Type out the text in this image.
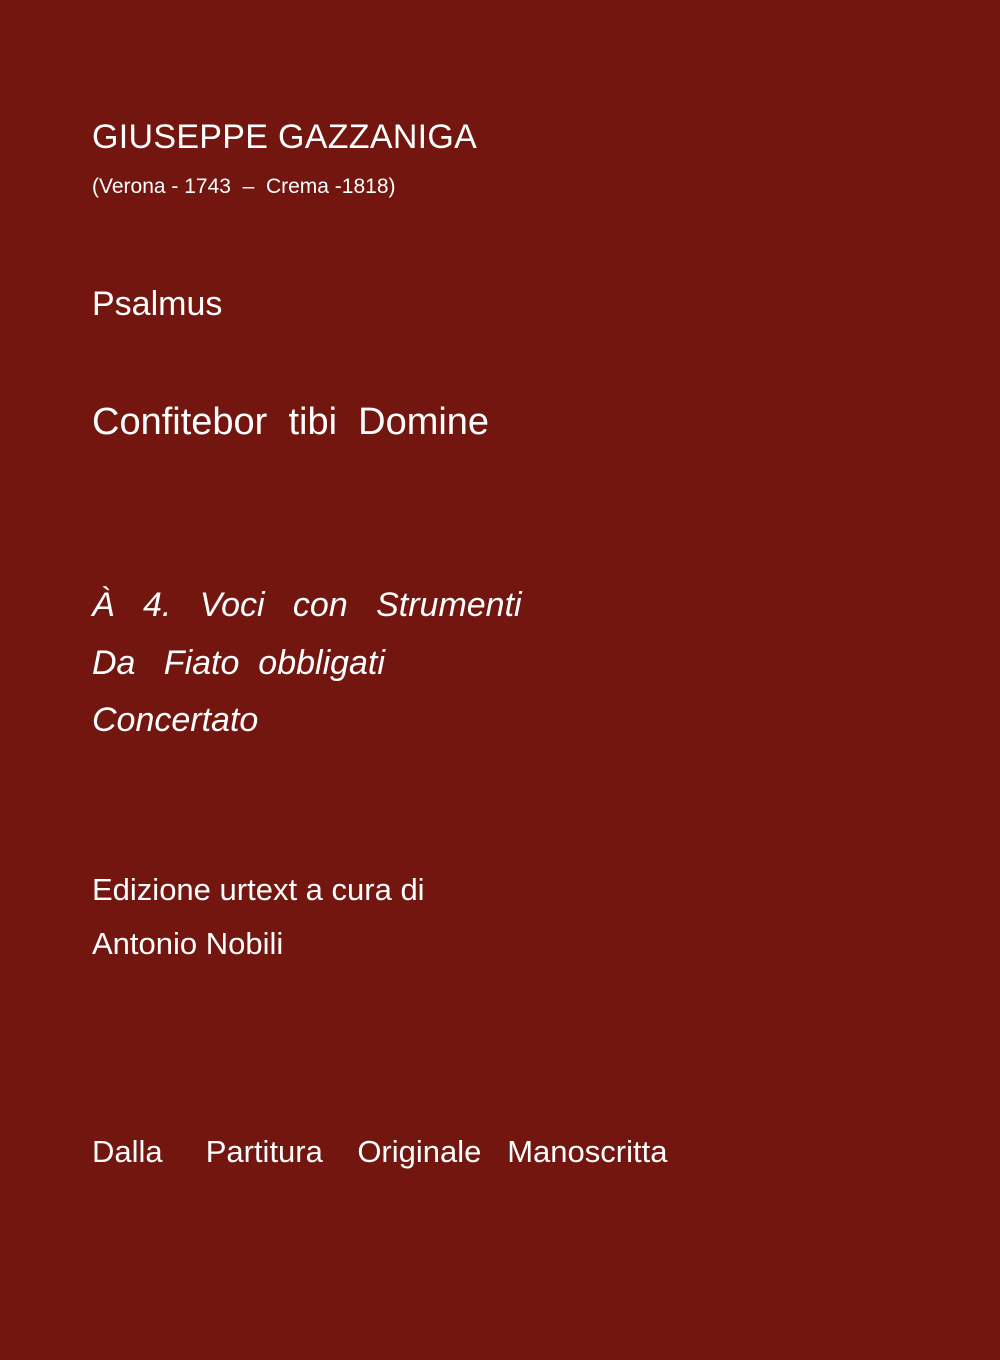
GIUSEPPE GAZZANIGA
(Verona - 1743  –  Crema -1818)
Psalmus
Confitebor  tibi  Domine
À   4.   Voci   con   Strumenti
Da   Fiato  obbligati
Concertato
Edizione urtext a cura di
Antonio Nobili
Dalla     Partitura    Originale   Manoscritta
